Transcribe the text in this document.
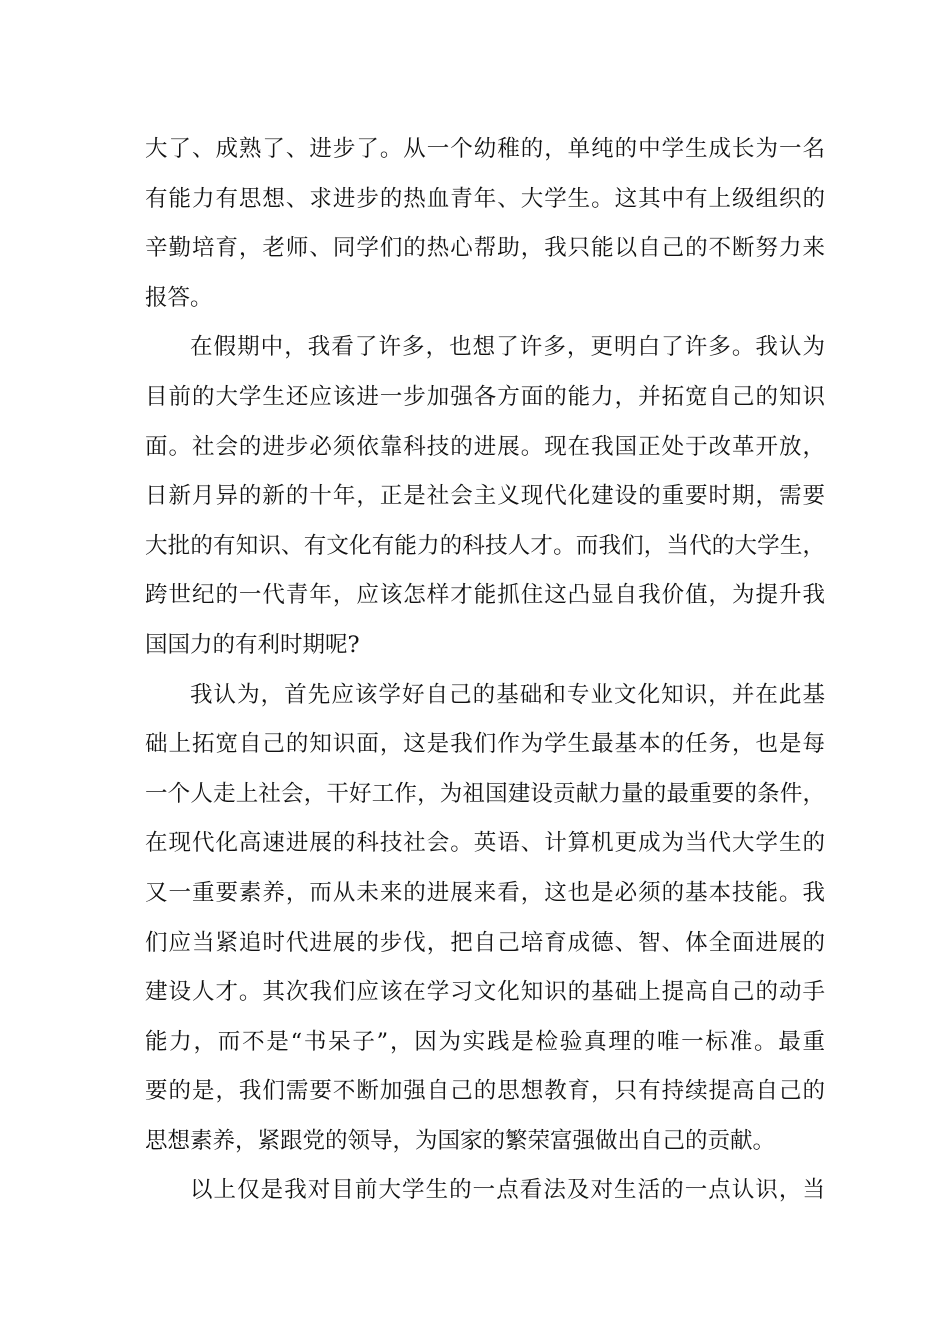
大了、成熟了、进步了。从一个幼稚的，单纯的中学生成长为一名
有能力有思想、求进步的热血青年、大学生。这其中有上级组织的
辛勤培育，老师、同学们的热心帮助，我只能以自己的不断努力来
报答。
在假期中，我看了许多，也想了许多，更明白了许多。我认为
目前的大学生还应该进一步加强各方面的能力，并拓宽自己的知识
面。社会的进步必须依靠科技的进展。现在我国正处于改革开放，
日新月异的新的十年，正是社会主义现代化建设的重要时期，需要
大批的有知识、有文化有能力的科技人才。而我们，当代的大学生，
跨世纪的一代青年，应该怎样才能抓住这凸显自我价值，为提升我
国国力的有利时期呢?
我认为，首先应该学好自己的基础和专业文化知识，并在此基
础上拓宽自己的知识面，这是我们作为学生最基本的任务，也是每
一个人走上社会，干好工作，为祖国建设贡献力量的最重要的条件，
在现代化高速进展的科技社会。英语、计算机更成为当代大学生的
又一重要素养，而从未来的进展来看，这也是必须的基本技能。我
们应当紧追时代进展的步伐，把自己培育成德、智、体全面进展的
建设人才。其次我们应该在学习文化知识的基础上提高自己的动手
能力，而不是“书呆子”，因为实践是检验真理的唯一标准。最重
要的是，我们需要不断加强自己的思想教育，只有持续提高自己的
思想素养，紧跟党的领导，为国家的繁荣富强做出自己的贡献。
以上仅是我对目前大学生的一点看法及对生活的一点认识，当
